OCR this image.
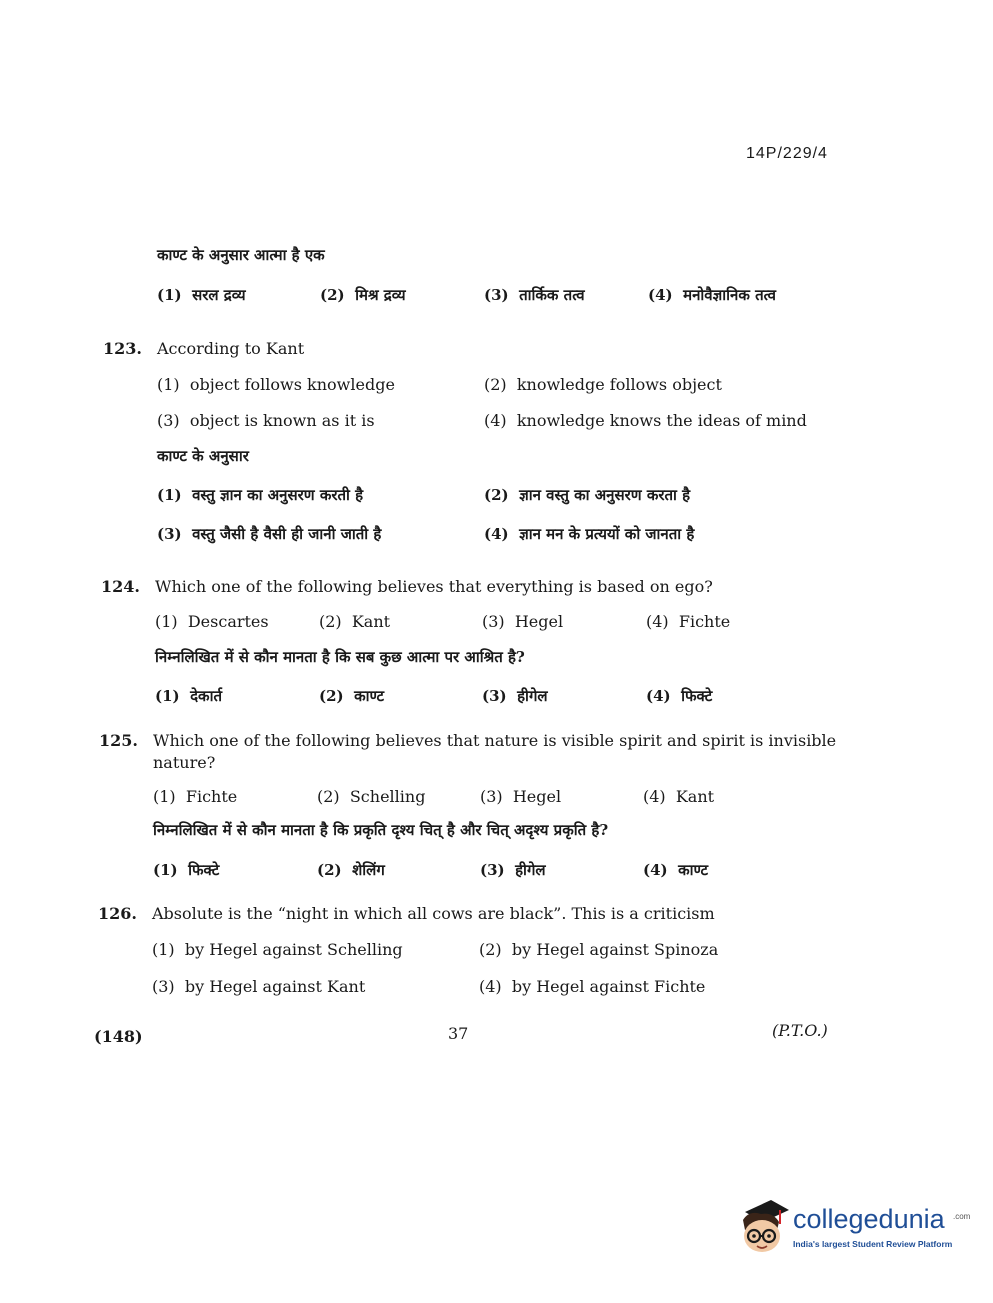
14P/229/4
काण्ट के अनुसार आत्मा है एक
(1) सरल द्रव्य	(2) मिश्र द्रव्य	(3) तार्किक तत्व	(4) मनोवैज्ञानिक तत्व
123. According to Kant
(1) object follows knowledge	(2) knowledge follows object
(3) object is known as it is	(4) knowledge knows the ideas of mind
काण्ट के अनुसार
(1) वस्तु ज्ञान का अनुसरण करती है	(2) ज्ञान वस्तु का अनुसरण करता है
(3) वस्तु जैसी है वैसी ही जानी जाती है	(4) ज्ञान मन के प्रत्ययों को जानता है
124. Which one of the following believes that everything is based on ego?
(1) Descartes	(2) Kant	(3) Hegel	(4) Fichte
निम्नलिखित में से कौन मानता है कि सब कुछ आत्मा पर आश्रित है?
(1) देकार्त	(2) काण्ट	(3) हीगेल	(4) फिक्टे
125. Which one of the following believes that nature is visible spirit and spirit is invisible
nature?
(1) Fichte	(2) Schelling	(3) Hegel	(4) Kant
निम्नलिखित में से कौन मानता है कि प्रकृति दृश्य चित् है और चित् अदृश्य प्रकृति है?
(1) फिक्टे	(2) शेलिंग	(3) हीगेल	(4) काण्ट
126. Absolute is the “night in which all cows are black”. This is a criticism
(1) by Hegel against Schelling	(2) by Hegel against Spinoza
(3) by Hegel against Kant	(4) by Hegel against Fichte
(148)	37	(P.T.O.)
collegedunia .com
India's largest Student Review Platform
